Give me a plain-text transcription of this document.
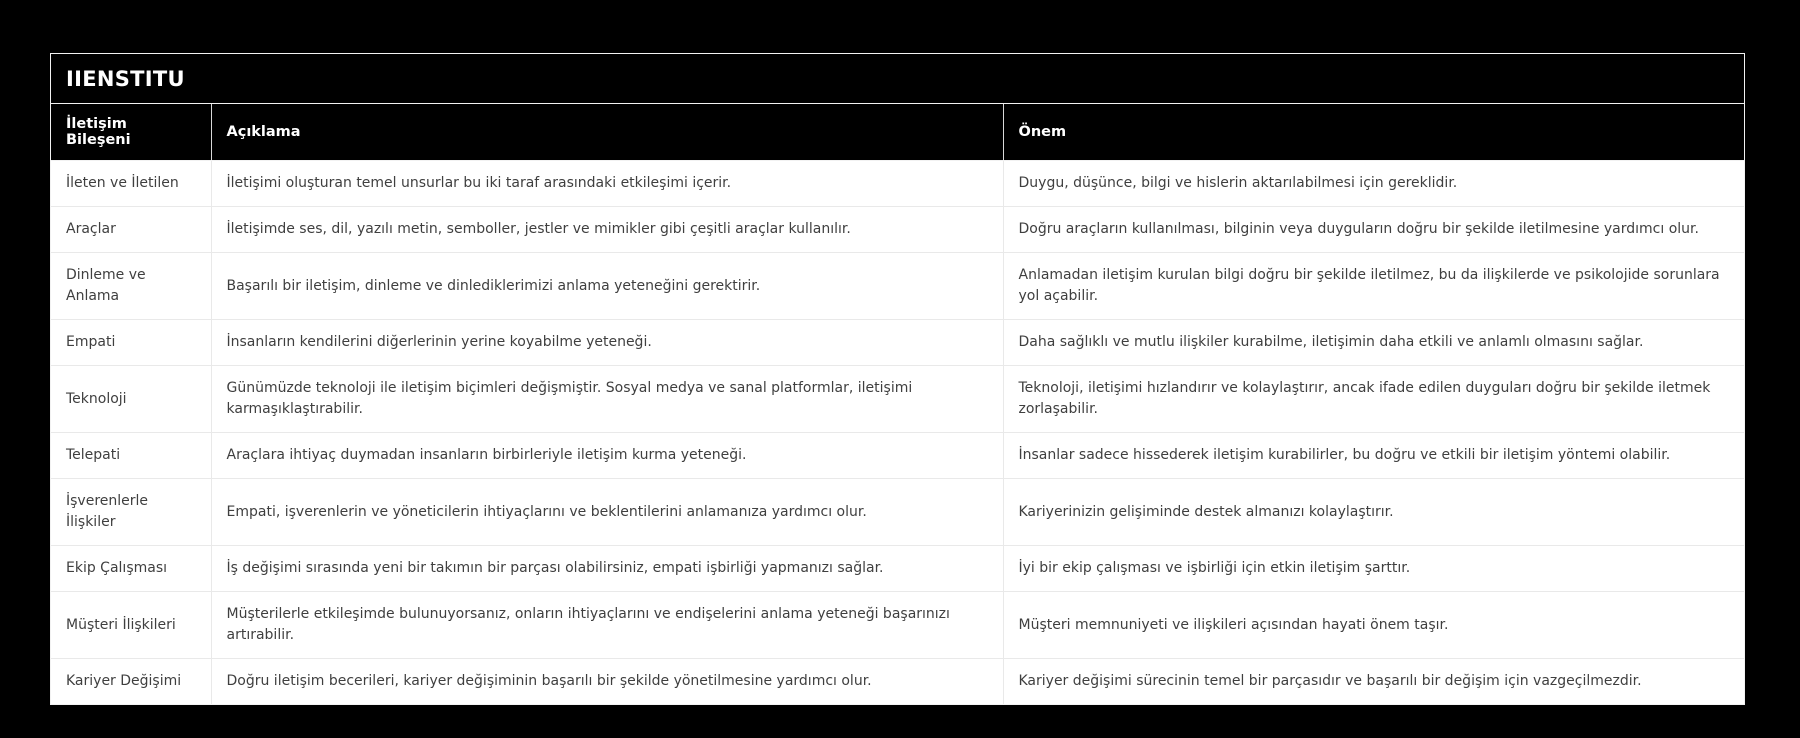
IIENSTITU
İletişim Bileşeni	Açıklama	Önem
İleten ve İletilen	İletişimi oluşturan temel unsurlar bu iki taraf arasındaki etkileşimi içerir.	Duygu, düşünce, bilgi ve hislerin aktarılabilmesi için gereklidir.
Araçlar	İletişimde ses, dil, yazılı metin, semboller, jestler ve mimikler gibi çeşitli araçlar kullanılır.	Doğru araçların kullanılması, bilginin veya duyguların doğru bir şekilde iletilmesine yardımcı olur.
Dinleme ve Anlama	Başarılı bir iletişim, dinleme ve dinlediklerimizi anlama yeteneğini gerektirir.	Anlamadan iletişim kurulan bilgi doğru bir şekilde iletilmez, bu da ilişkilerde ve psikolojide sorunlara yol açabilir.
Empati	İnsanların kendilerini diğerlerinin yerine koyabilme yeteneği.	Daha sağlıklı ve mutlu ilişkiler kurabilme, iletişimin daha etkili ve anlamlı olmasını sağlar.
Teknoloji	Günümüzde teknoloji ile iletişim biçimleri değişmiştir. Sosyal medya ve sanal platformlar, iletişimi karmaşıklaştırabilir.	Teknoloji, iletişimi hızlandırır ve kolaylaştırır, ancak ifade edilen duyguları doğru bir şekilde iletmek zorlaşabilir.
Telepati	Araçlara ihtiyaç duymadan insanların birbirleriyle iletişim kurma yeteneği.	İnsanlar sadece hissederek iletişim kurabilirler, bu doğru ve etkili bir iletişim yöntemi olabilir.
İşverenlerle İlişkiler	Empati, işverenlerin ve yöneticilerin ihtiyaçlarını ve beklentilerini anlamanıza yardımcı olur.	Kariyerinizin gelişiminde destek almanızı kolaylaştırır.
Ekip Çalışması	İş değişimi sırasında yeni bir takımın bir parçası olabilirsiniz, empati işbirliği yapmanızı sağlar.	İyi bir ekip çalışması ve işbirliği için etkin iletişim şarttır.
Müşteri İlişkileri	Müşterilerle etkileşimde bulunuyorsanız, onların ihtiyaçlarını ve endişelerini anlama yeteneği başarınızı artırabilir.	Müşteri memnuniyeti ve ilişkileri açısından hayati önem taşır.
Kariyer Değişimi	Doğru iletişim becerileri, kariyer değişiminin başarılı bir şekilde yönetilmesine yardımcı olur.	Kariyer değişimi sürecinin temel bir parçasıdır ve başarılı bir değişim için vazgeçilmezdir.
